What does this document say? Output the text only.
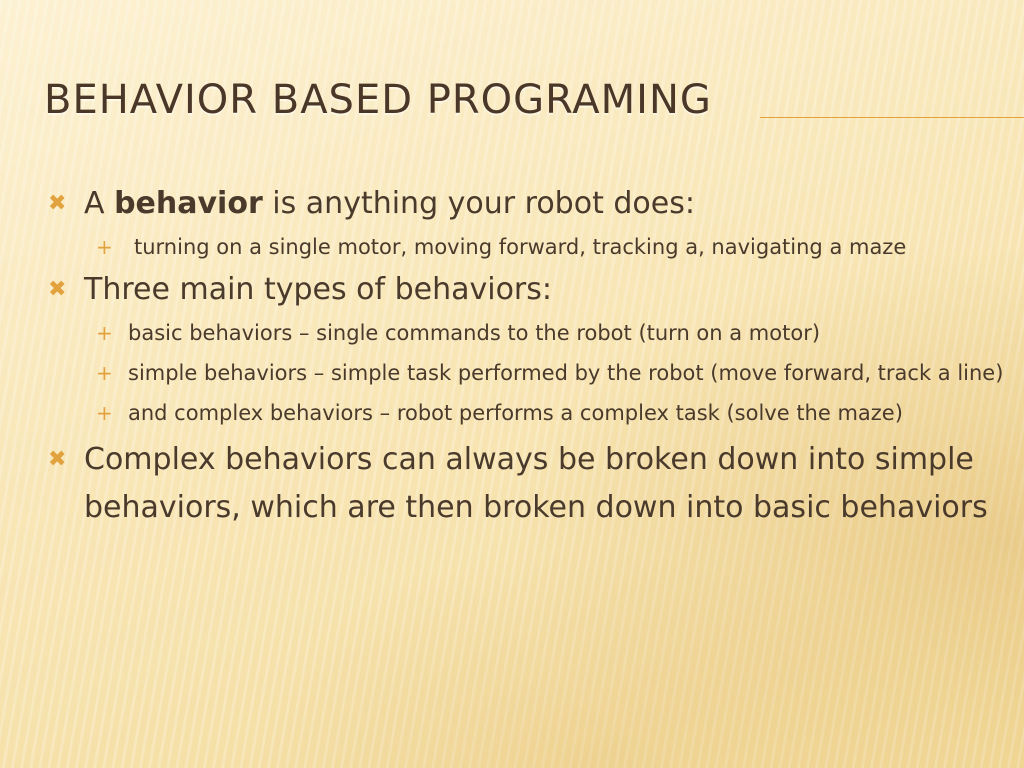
BEHAVIOR BASED PROGRAMING
✖ A behavior is anything your robot does:
+ turning on a single motor, moving forward, tracking a, navigating a maze
✖ Three main types of behaviors:
+ basic behaviors – single commands to the robot (turn on a motor)
+ simple behaviors – simple task performed by the robot (move forward, track a line)
+ and complex behaviors – robot performs a complex task (solve the maze)
✖ Complex behaviors can always be broken down into simple behaviors, which are then broken down into basic behaviors
